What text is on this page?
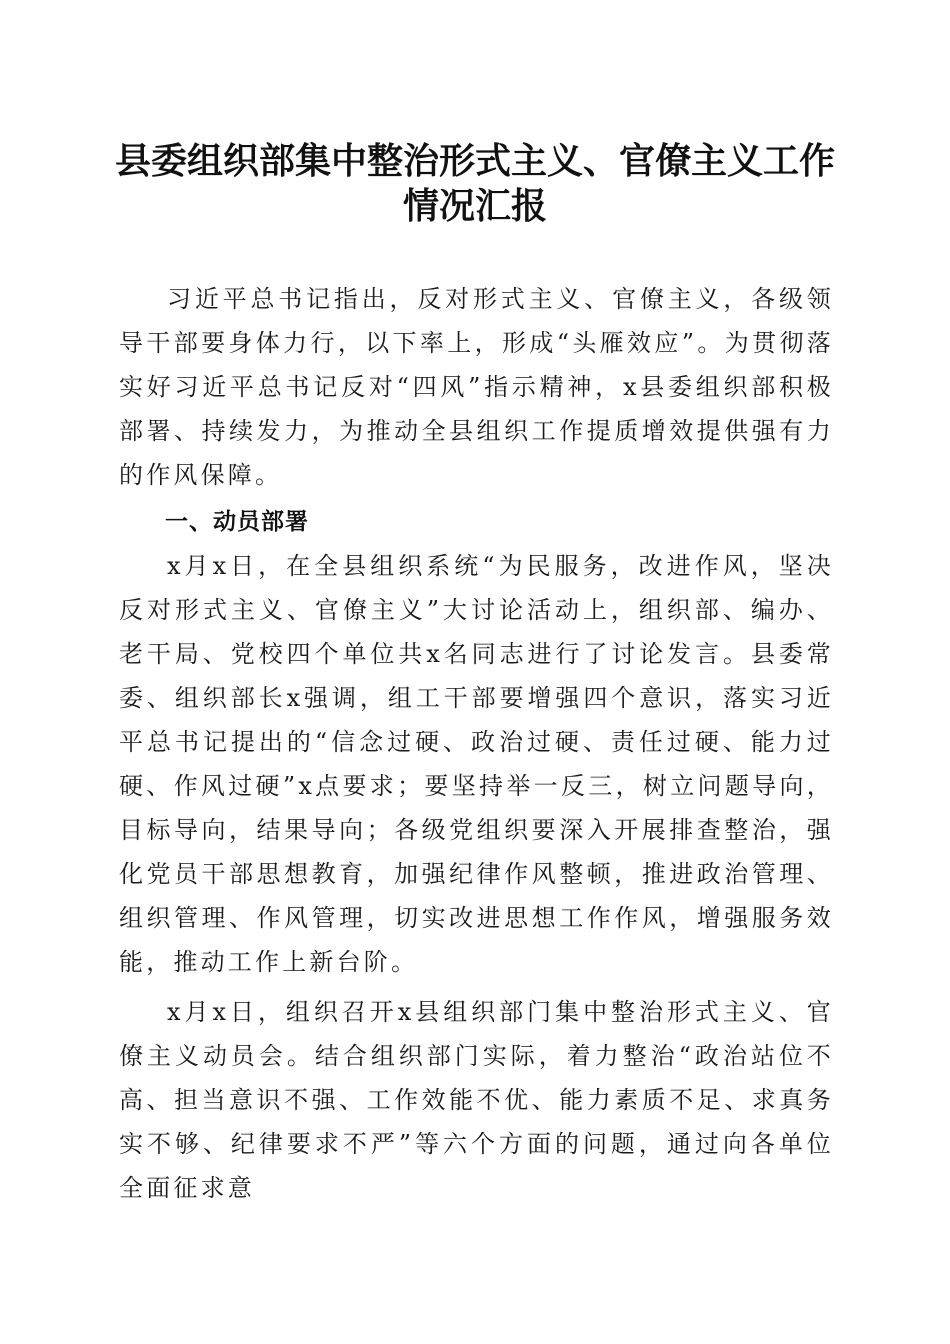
县委组织部集中整治形式主义、官僚主义工作
情况汇报

习近平总书记指出，反对形式主义、官僚主义，各级领导干部要身体力行，以下率上，形成“头雁效应”。为贯彻落实好习近平总书记反对“四风”指示精神，x县委组织部积极部署、持续发力，为推动全县组织工作提质增效提供强有力的作风保障。

一、动员部署

x月x日，在全县组织系统“为民服务，改进作风，坚决反对形式主义、官僚主义”大讨论活动上，组织部、编办、老干局、党校四个单位共x名同志进行了讨论发言。县委常委、组织部长x强调，组工干部要增强四个意识，落实习近平总书记提出的“信念过硬、政治过硬、责任过硬、能力过硬、作风过硬”x点要求；要坚持举一反三，树立问题导向，目标导向，结果导向；各级党组织要深入开展排查整治，强化党员干部思想教育，加强纪律作风整顿，推进政治管理、组织管理、作风管理，切实改进思想工作作风，增强服务效能，推动工作上新台阶。

x月x日，组织召开x县组织部门集中整治形式主义、官僚主义动员会。结合组织部门实际，着力整治“政治站位不高、担当意识不强、工作效能不优、能力素质不足、求真务实不够、纪律要求不严”等六个方面的问题，通过向各单位全面征求意
